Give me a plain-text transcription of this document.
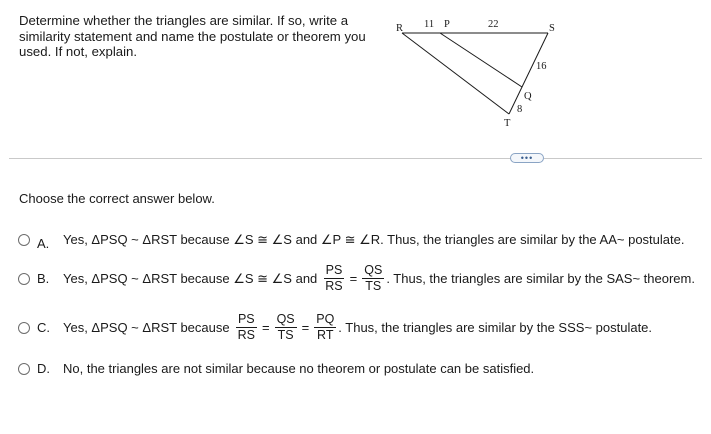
Determine whether the triangles are similar. If so, write a
similarity statement and name the postulate or theorem you
used. If not, explain.
R 11 P	22	S
16
Q
8
T
•••
Choose the correct answer below.
A.	Yes, ΔPSQ ~ ΔRST because ∠S ≅ ∠S and ∠P ≅ ∠R. Thus, the triangles are similar by the AA~ postulate.
B.	Yes, ΔPSQ ~ ΔRST because ∠S ≅ ∠S and $\frac{PS}{RS} = \frac{QS}{TS}$ . Thus, the triangles are similar by the SAS~ theorem.
C.	Yes, ΔPSQ ~ ΔRST because $\frac{PS}{RS} = \frac{QS}{TS} = \frac{PQ}{RT}$ . Thus, the triangles are similar by the SSS~ postulate.
D.	No, the triangles are not similar because no theorem or postulate can be satisfied.
